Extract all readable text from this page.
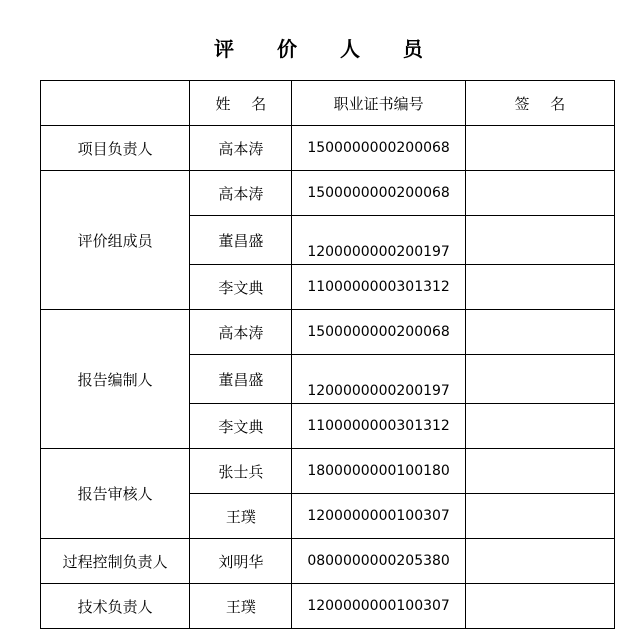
评 价 人 员
	姓 名	职业证书编号	签 名
项目负责人	高本涛	1500000000200068	
评价组成员	高本涛	1500000000200068	
	董昌盛	1200000000200197	
	李文典	1100000000301312	
报告编制人	高本涛	1500000000200068	
	董昌盛	1200000000200197	
	李文典	1100000000301312	
报告审核人	张士兵	1800000000100180	
	王璞	1200000000100307	
过程控制负责人	刘明华	0800000000205380	
技术负责人	王璞	1200000000100307	
